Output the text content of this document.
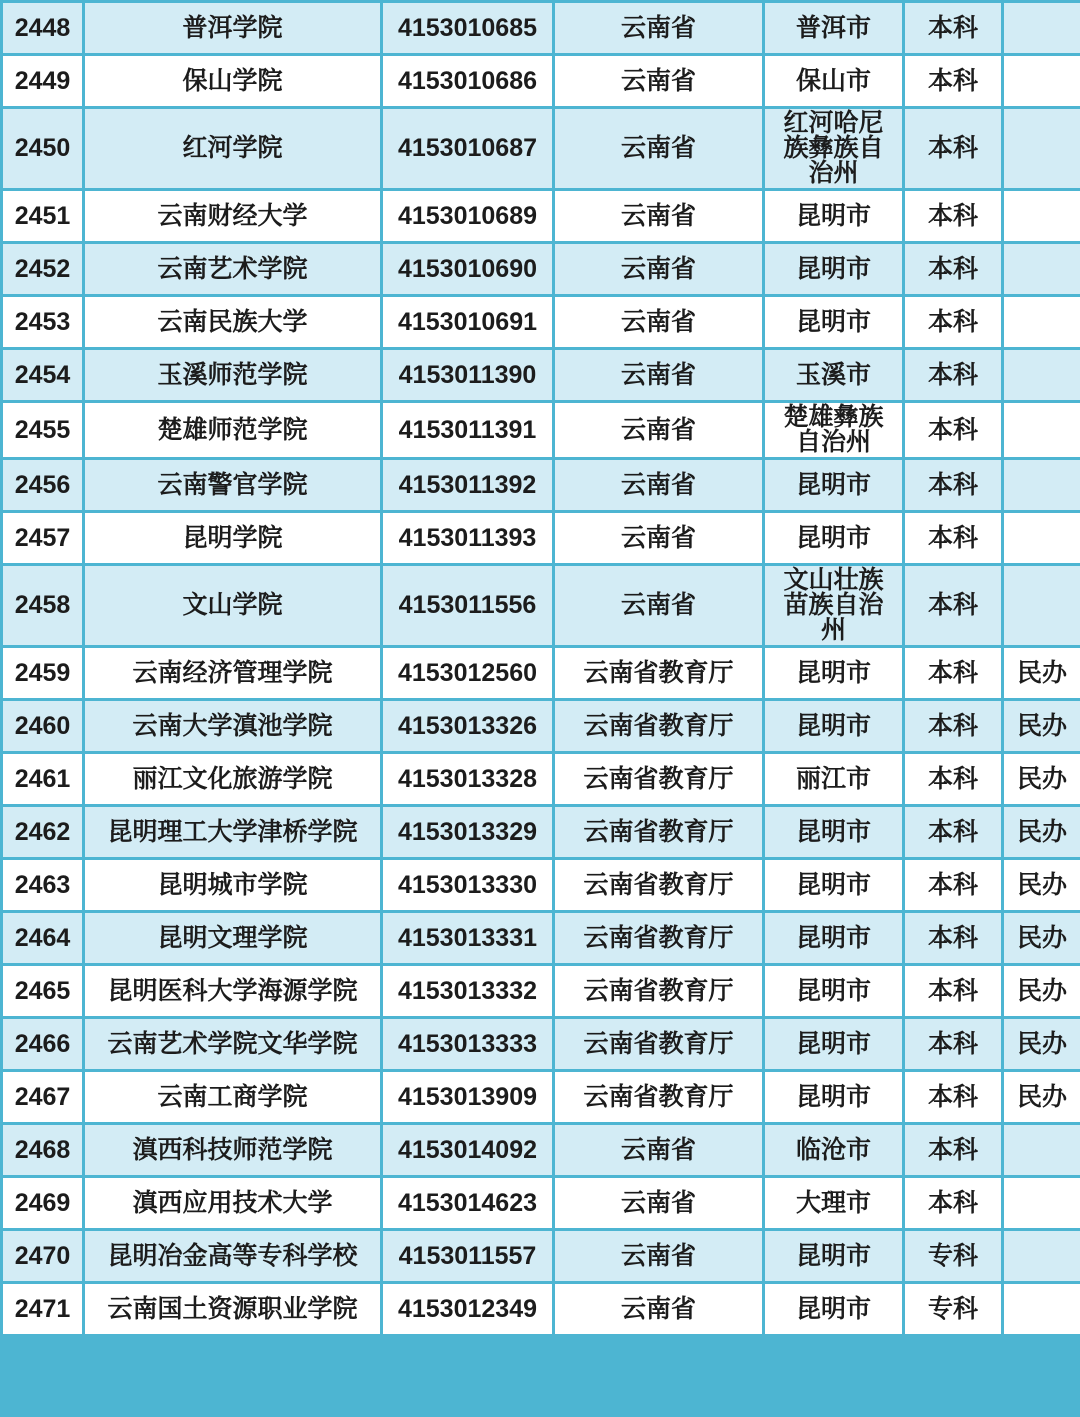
2448	普洱学院	4153010685	云南省	普洱市	本科	
2449	保山学院	4153010686	云南省	保山市	本科	
2450	红河学院	4153010687	云南省	红河哈尼族彝族自治州	本科	
2451	云南财经大学	4153010689	云南省	昆明市	本科	
2452	云南艺术学院	4153010690	云南省	昆明市	本科	
2453	云南民族大学	4153010691	云南省	昆明市	本科	
2454	玉溪师范学院	4153011390	云南省	玉溪市	本科	
2455	楚雄师范学院	4153011391	云南省	楚雄彝族自治州	本科	
2456	云南警官学院	4153011392	云南省	昆明市	本科	
2457	昆明学院	4153011393	云南省	昆明市	本科	
2458	文山学院	4153011556	云南省	文山壮族苗族自治州	本科	
2459	云南经济管理学院	4153012560	云南省教育厅	昆明市	本科	民办
2460	云南大学滇池学院	4153013326	云南省教育厅	昆明市	本科	民办
2461	丽江文化旅游学院	4153013328	云南省教育厅	丽江市	本科	民办
2462	昆明理工大学津桥学院	4153013329	云南省教育厅	昆明市	本科	民办
2463	昆明城市学院	4153013330	云南省教育厅	昆明市	本科	民办
2464	昆明文理学院	4153013331	云南省教育厅	昆明市	本科	民办
2465	昆明医科大学海源学院	4153013332	云南省教育厅	昆明市	本科	民办
2466	云南艺术学院文华学院	4153013333	云南省教育厅	昆明市	本科	民办
2467	云南工商学院	4153013909	云南省教育厅	昆明市	本科	民办
2468	滇西科技师范学院	4153014092	云南省	临沧市	本科	
2469	滇西应用技术大学	4153014623	云南省	大理市	本科	
2470	昆明冶金高等专科学校	4153011557	云南省	昆明市	专科	
2471	云南国土资源职业学院	4153012349	云南省	昆明市	专科	
